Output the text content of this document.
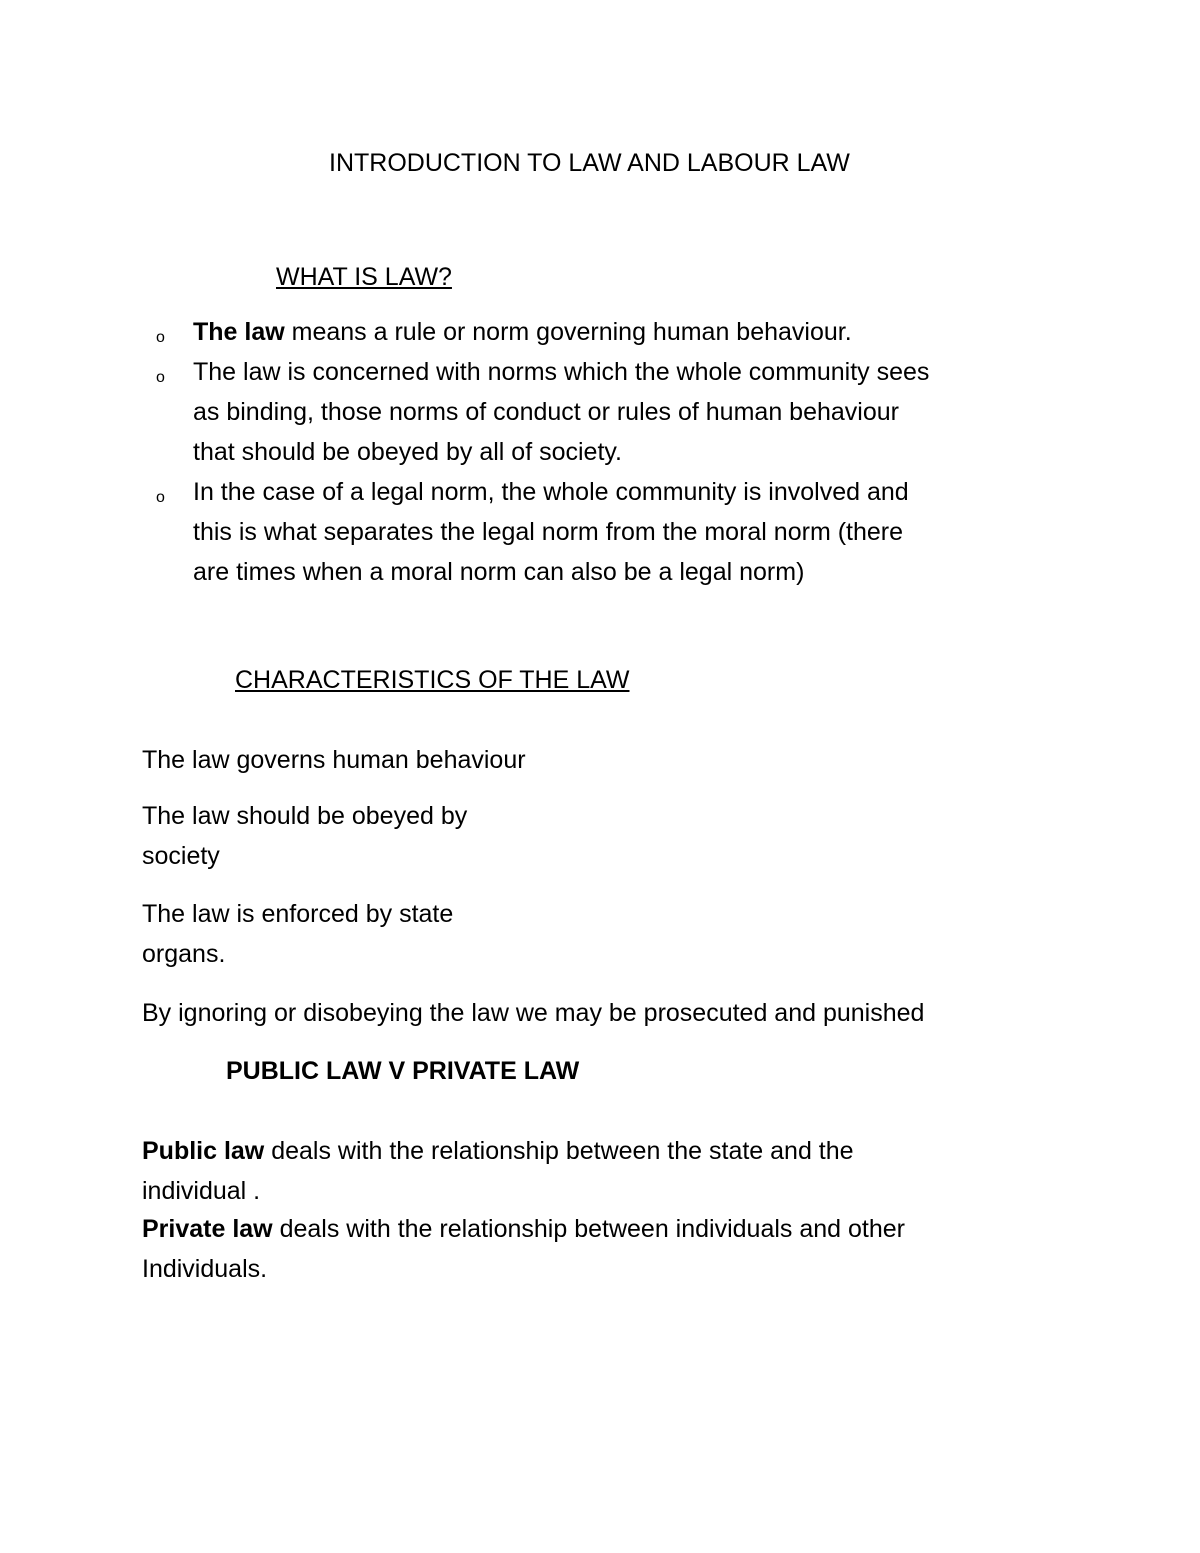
INTRODUCTION TO LAW AND LABOUR LAW

WHAT IS LAW?

o The law means a rule or norm governing human behaviour.
o The law is concerned with norms which the whole community sees
as binding, those norms of conduct or rules of human behaviour
that should be obeyed by all of society.
o In the case of a legal norm, the whole community is involved and
this is what separates the legal norm from the moral norm (there
are times when a moral norm can also be a legal norm)

CHARACTERISTICS OF THE LAW

The law governs human behaviour

The law should be obeyed by
society

The law is enforced by state
organs.

By ignoring or disobeying the law we may be prosecuted and punished

PUBLIC LAW V PRIVATE LAW

Public law deals with the relationship between the state and the
individual .

Private law deals with the relationship between individuals and other
Individuals.
